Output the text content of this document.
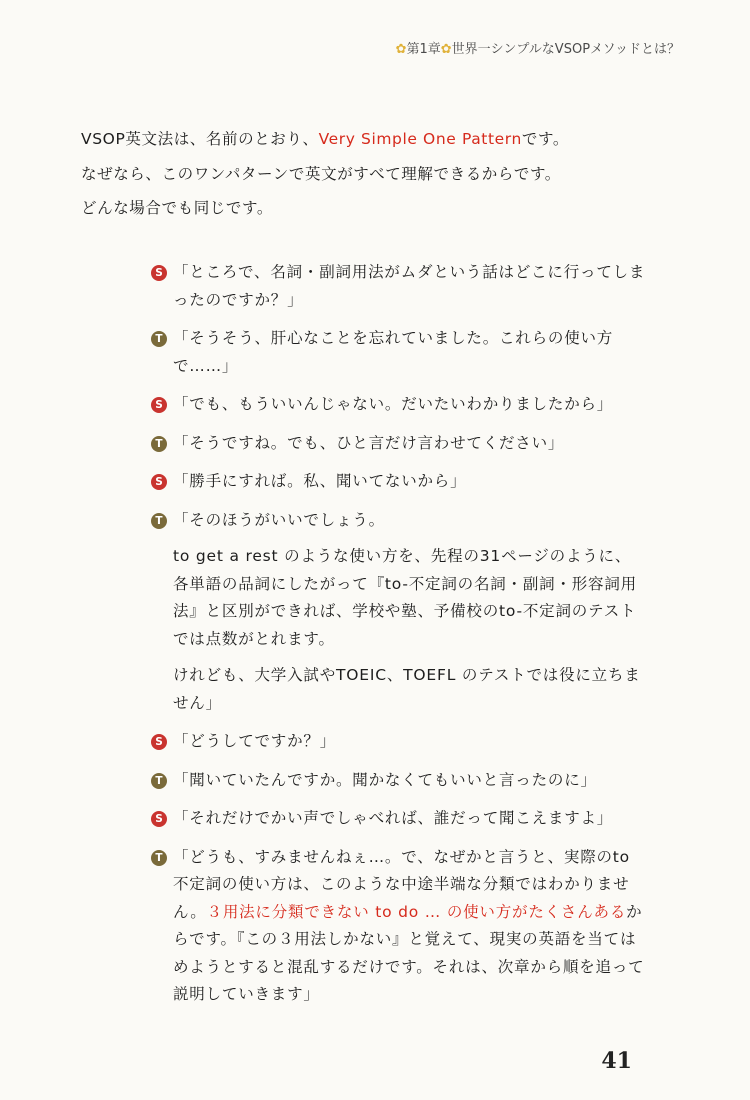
✿第1章✿世界一シンプルなVSOPメソッドとは？

VSOP英文法は、名前のとおり、Very Simple One Patternです。

なぜなら、このワンパターンで英文がすべて理解できるからです。

どんな場合でも同じです。

S 「ところで、名詞・副詞用法がムダという話はどこに行ってしまったのですか？」

T 「そうそう、肝心なことを忘れていました。これらの使い方で……」

S 「でも、もういいんじゃない。だいたいわかりましたから」

T 「そうですね。でも、ひと言だけ言わせてください」

S 「勝手にすれば。私、聞いてないから」

T 「そのほうがいいでしょう。

to get a rest のような使い方を、先程の31ページのように、各単語の品詞にしたがって『to-不定詞の名詞・副詞・形容詞用法』と区別ができれば、学校や塾、予備校のto-不定詞のテストでは点数がとれます。

けれども、大学入試やTOEIC、TOEFL のテストでは役に立ちません」

S 「どうしてですか？」

T 「聞いていたんですか。聞かなくてもいいと言ったのに」

S 「それだけでかい声でしゃべれば、誰だって聞こえますよ」

T 「どうも、すみませんねぇ…。で、なぜかと言うと、実際のto不定詞の使い方は、このような中途半端な分類ではわかりません。３用法に分類できない to do … の使い方がたくさんあるからです。『この３用法しかない』と覚えて、現実の英語を当てはめようとすると混乱するだけです。それは、次章から順を追って説明していきます」

41
